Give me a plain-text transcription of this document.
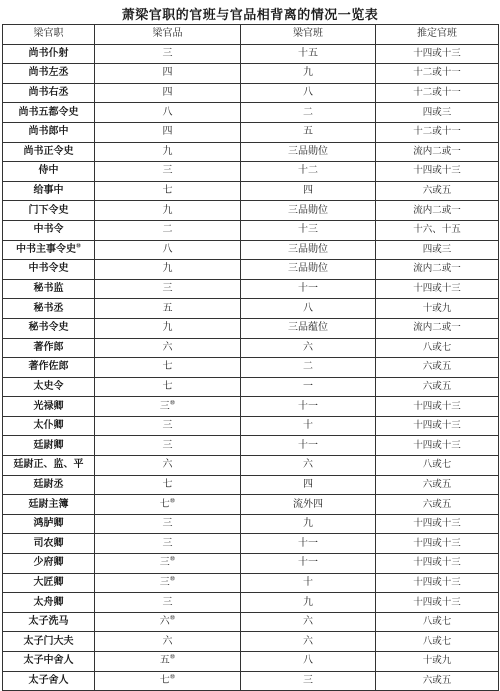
萧梁官职的官班与官品相背离的情况一览表
梁官职	梁官品	梁官班	推定官班
尚书仆射	三	十五	十四或十三
尚书左丞	四	九	十二或十一
尚书右丞	四	八	十二或十一
尚书五都令史	八	二	四或三
尚书郎中	四	五	十二或十一
尚书正令史	九	三品勋位	流内二或一
侍中	三	十二	十四或十三
给事中	七	四	六或五
门下令史	九	三品勋位	流内二或一
中书令	二	十三	十六、十五
中书主事令史⑩	八	三品勋位	四或三
中书令史	九	三品勋位	流内二或一
秘书监	三	十一	十四或十三
秘书丞	五	八	十或九
秘书令史	九	三品蕴位	流内二或一
著作郎	六	六	八或七
著作佐郎	七	二	六或五
太史令	七	一	六或五
光禄卿	三⑩	十一	十四或十三
太仆卿	三	十	十四或十三
廷尉卿	三	十一	十四或十三
廷尉正、监、平	六	六	八或七
廷尉丞	七	四	六或五
廷尉主簿	七⑩	流外四	六或五
鸿胪卿	三	九	十四或十三
司农卿	三	十一	十四或十三
少府卿	三⑩	十一	十四或十三
大匠卿	三⑩	十	十四或十三
太舟卿	三	九	十四或十三
太子洗马	六⑩	六	八或七
太子门大夫	六	六	八或七
太子中舍人	五⑩	八	十或九
太子舍人	七⑩	三	六或五
